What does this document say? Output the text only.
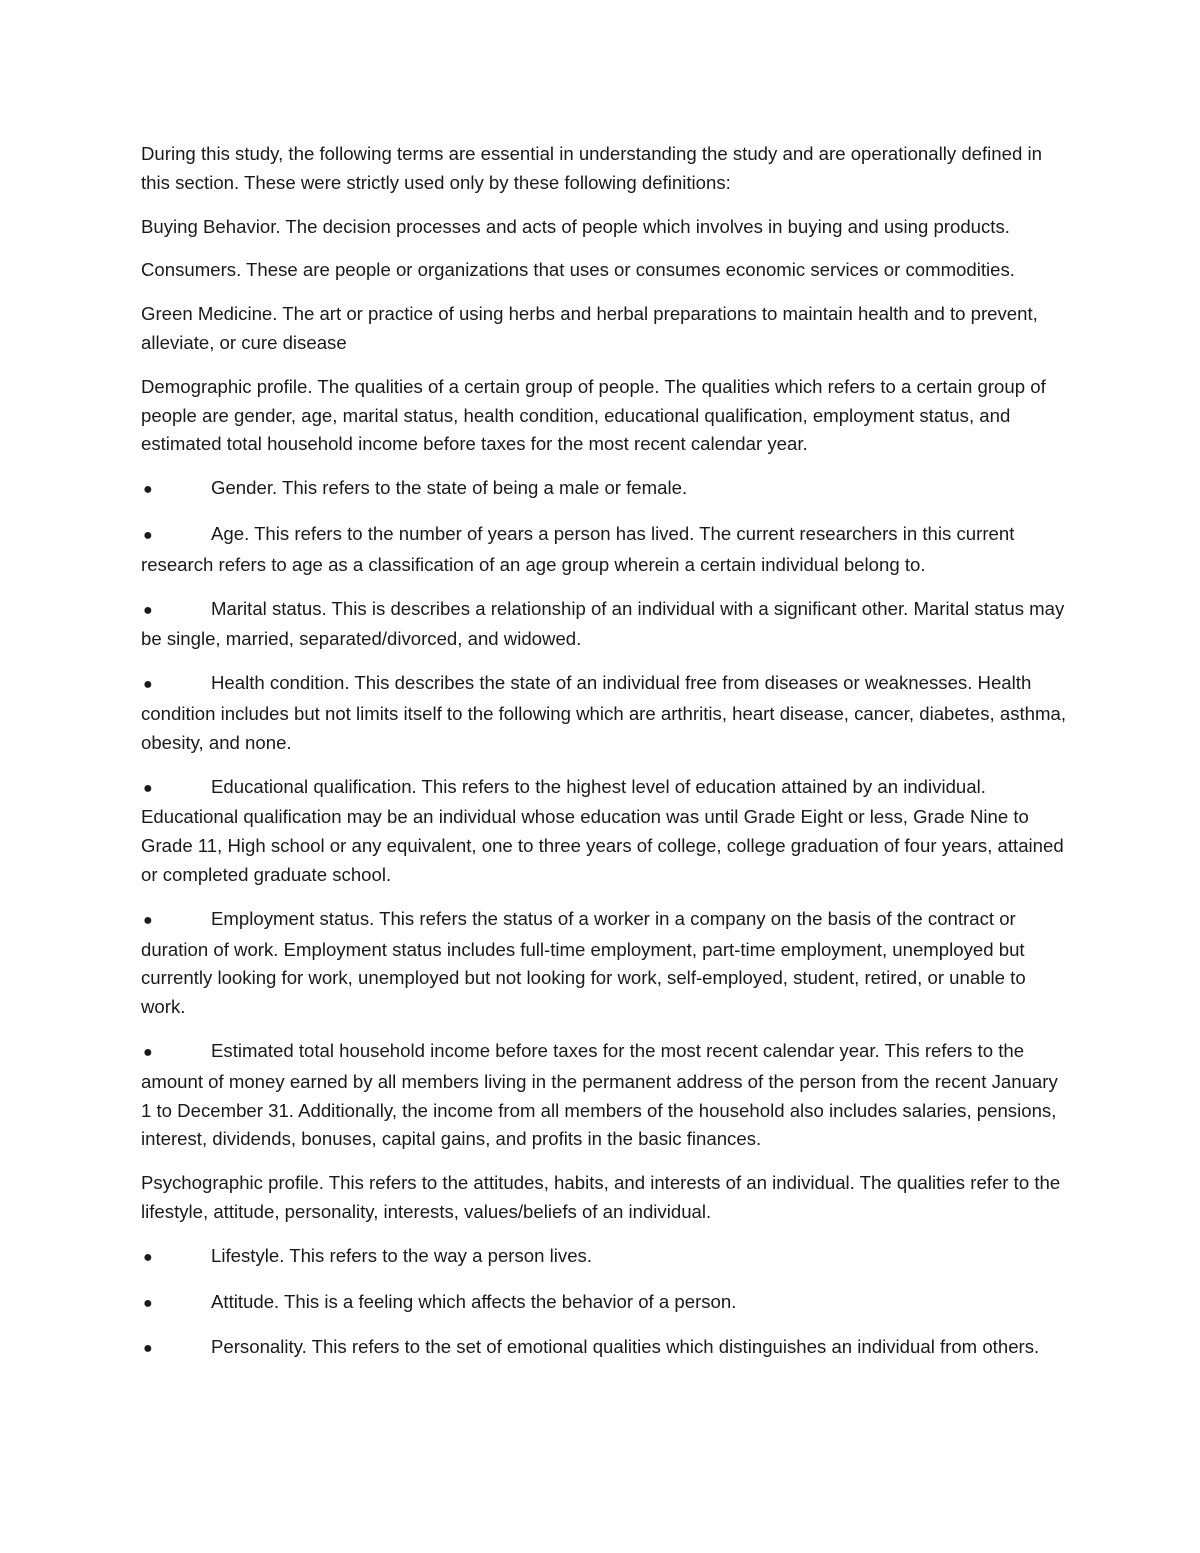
During this study, the following terms are essential in understanding the study and are operationally defined in this section. These were strictly used only by these following definitions:

Buying Behavior. The decision processes and acts of people which involves in buying and using products.

Consumers. These are people or organizations that uses or consumes economic services or commodities.

Green Medicine. The art or practice of using herbs and herbal preparations to maintain health and to prevent, alleviate, or cure disease

Demographic profile. The qualities of a certain group of people. The qualities which refers to a certain group of people are gender, age, marital status, health condition, educational qualification, employment status, and estimated total household income before taxes for the most recent calendar year.

●	Gender. This refers to the state of being a male or female.

●	Age. This refers to the number of years a person has lived. The current researchers in this current research refers to age as a classification of an age group wherein a certain individual belong to.

●	Marital status. This is describes a relationship of an individual with a significant other. Marital status may be single, married, separated/divorced, and widowed.

●	Health condition. This describes the state of an individual free from diseases or weaknesses. Health condition includes but not limits itself to the following which are arthritis, heart disease, cancer, diabetes, asthma, obesity, and none.

●	Educational qualification. This refers to the highest level of education attained by an individual. Educational qualification may be an individual whose education was until Grade Eight or less, Grade Nine to Grade 11, High school or any equivalent, one to three years of college, college graduation of four years, attained or completed graduate school.

●	Employment status. This refers the status of a worker in a company on the basis of the contract or duration of work. Employment status includes full-time employment, part-time employment, unemployed but currently looking for work, unemployed but not looking for work, self-employed, student, retired, or unable to work.

●	Estimated total household income before taxes for the most recent calendar year. This refers to the amount of money earned by all members living in the permanent address of the person from the recent January 1 to December 31. Additionally, the income from all members of the household also includes salaries, pensions, interest, dividends, bonuses, capital gains, and profits in the basic finances.

Psychographic profile. This refers to the attitudes, habits, and interests of an individual. The qualities refer to the lifestyle, attitude, personality, interests, values/beliefs of an individual.

●	Lifestyle. This refers to the way a person lives.

●	Attitude. This is a feeling which affects the behavior of a person.

●	Personality. This refers to the set of emotional qualities which distinguishes an individual from others.
